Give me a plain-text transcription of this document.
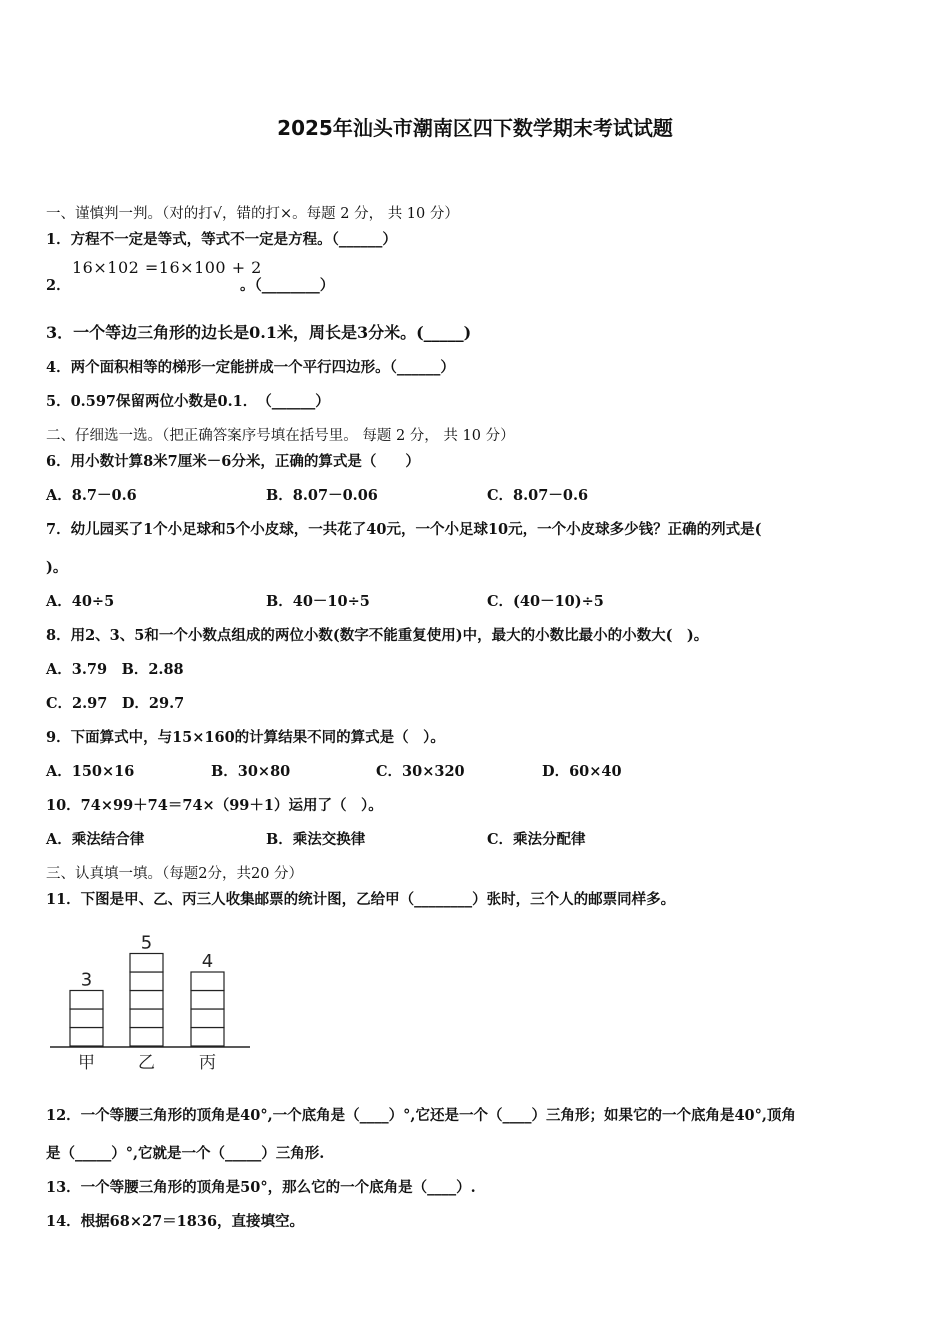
2025年汕头市潮南区四下数学期末考试试题
一、谨慎判一判。（对的打√，错的打×。每题 2 分， 共 10 分）
1．方程不一定是等式，等式不一定是方程。（______）
2．
16×102 =16×100 + 2
。（________）
3．一个等边三角形的边长是0.1米，周长是3分米。(_____)
4．两个面积相等的梯形一定能拼成一个平行四边形。（______）
5．0.597保留两位小数是0.1．　（______）
二、仔细选一选。（把正确答案序号填在括号里。 每题 2 分， 共 10 分）
6．用小数计算8米7厘米－6分米，正确的算式是（　　）
A．8.7－0.6	B．8.07－0.06	C．8.07－0.6
7．幼儿园买了1个小足球和5个小皮球，一共花了40元，一个小足球10元，一个小皮球多少钱？正确的列式是(
)。
A．40÷5	B．40－10÷5	C．(40－10)÷5
8．用2、3、5和一个小数点组成的两位小数(数字不能重复使用)中，最大的小数比最小的小数大(　)。
A．3.79　B．2.88
C．2.97　D．29.7
9．下面算式中，与15×160的计算结果不同的算式是（　）。
A．150×16	B．30×80	C．30×320	D．60×40
10．74×99＋74＝74×（99＋1）运用了（　）。
A．乘法结合律	B．乘法交换律	C．乘法分配律
三、认真填一填。（每题2分，共20 分）
11．下图是甲、乙、丙三人收集邮票的统计图，乙给甲（________）张时，三个人的邮票同样多。
3
甲
5
乙
4
丙
12．一个等腰三角形的顶角是40°,一个底角是（____）°,它还是一个（____）三角形；如果它的一个底角是40°,顶角
是（_____）°,它就是一个（_____）三角形.
13．一个等腰三角形的顶角是50°，那么它的一个底角是（____）.
14．根据68×27＝1836，直接填空。
